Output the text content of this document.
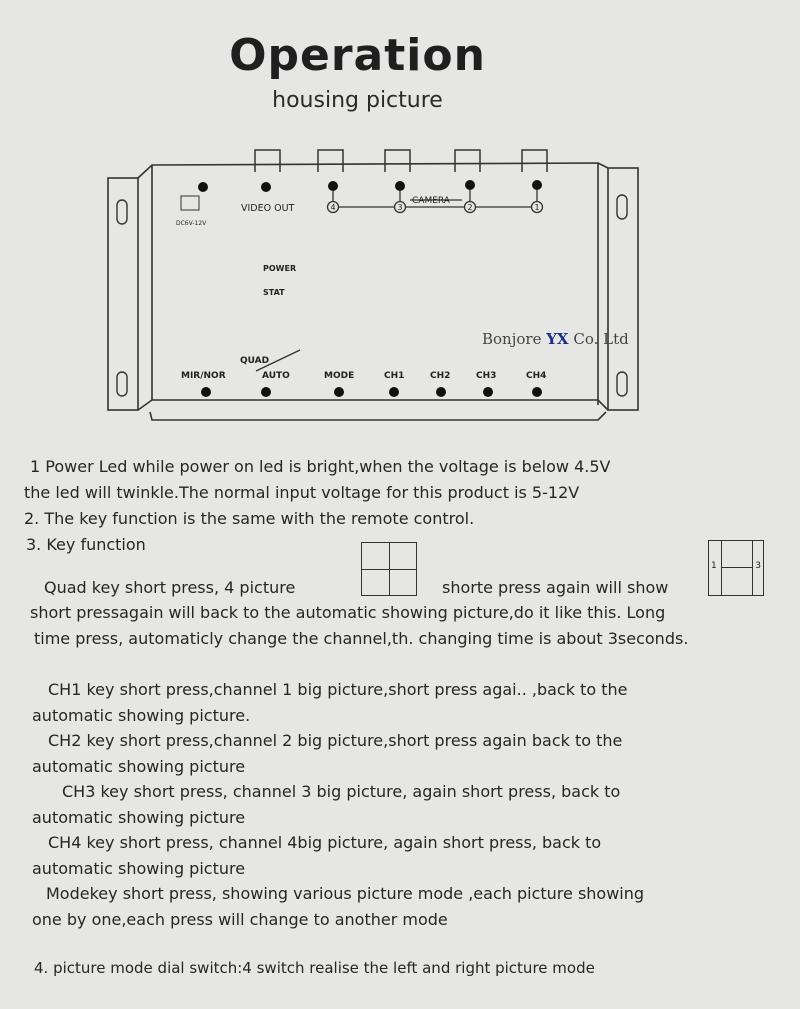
Operation
housing picture
4	3	2	1
DC6V-12V
VIDEO OUT
CAMERA
POWER
STAT
MIR/NOR
QUAD
AUTO	MODE	CH1	CH2	CH3	CH4
Bonjore YX Co. Ltd
1 Power Led while power on led is bright,when the voltage is below 4.5V
the led will twinkle.The normal input voltage for this product is 5-12V
2. The key function is the same with the remote control.
3. Key function
Quad key short press, 4 picture	shorte press again will show
1	3
short pressagain will back to the automatic showing picture,do it like this. Long
time press, automaticly change the channel,th. changing time is about 3seconds.
CH1 key short press,channel 1 big picture,short press agai.. ,back to the
automatic showing picture.
CH2 key short press,channel 2 big picture,short press again back to the
automatic showing picture
CH3 key short press, channel 3 big picture, again short press, back to
automatic showing picture
CH4 key short press, channel 4big picture, again short press, back to
automatic showing picture
Modekey short press, showing various picture mode ,each picture showing
one by one,each press will change to another mode
4. picture mode dial switch:4 switch realise the left and right picture mode
